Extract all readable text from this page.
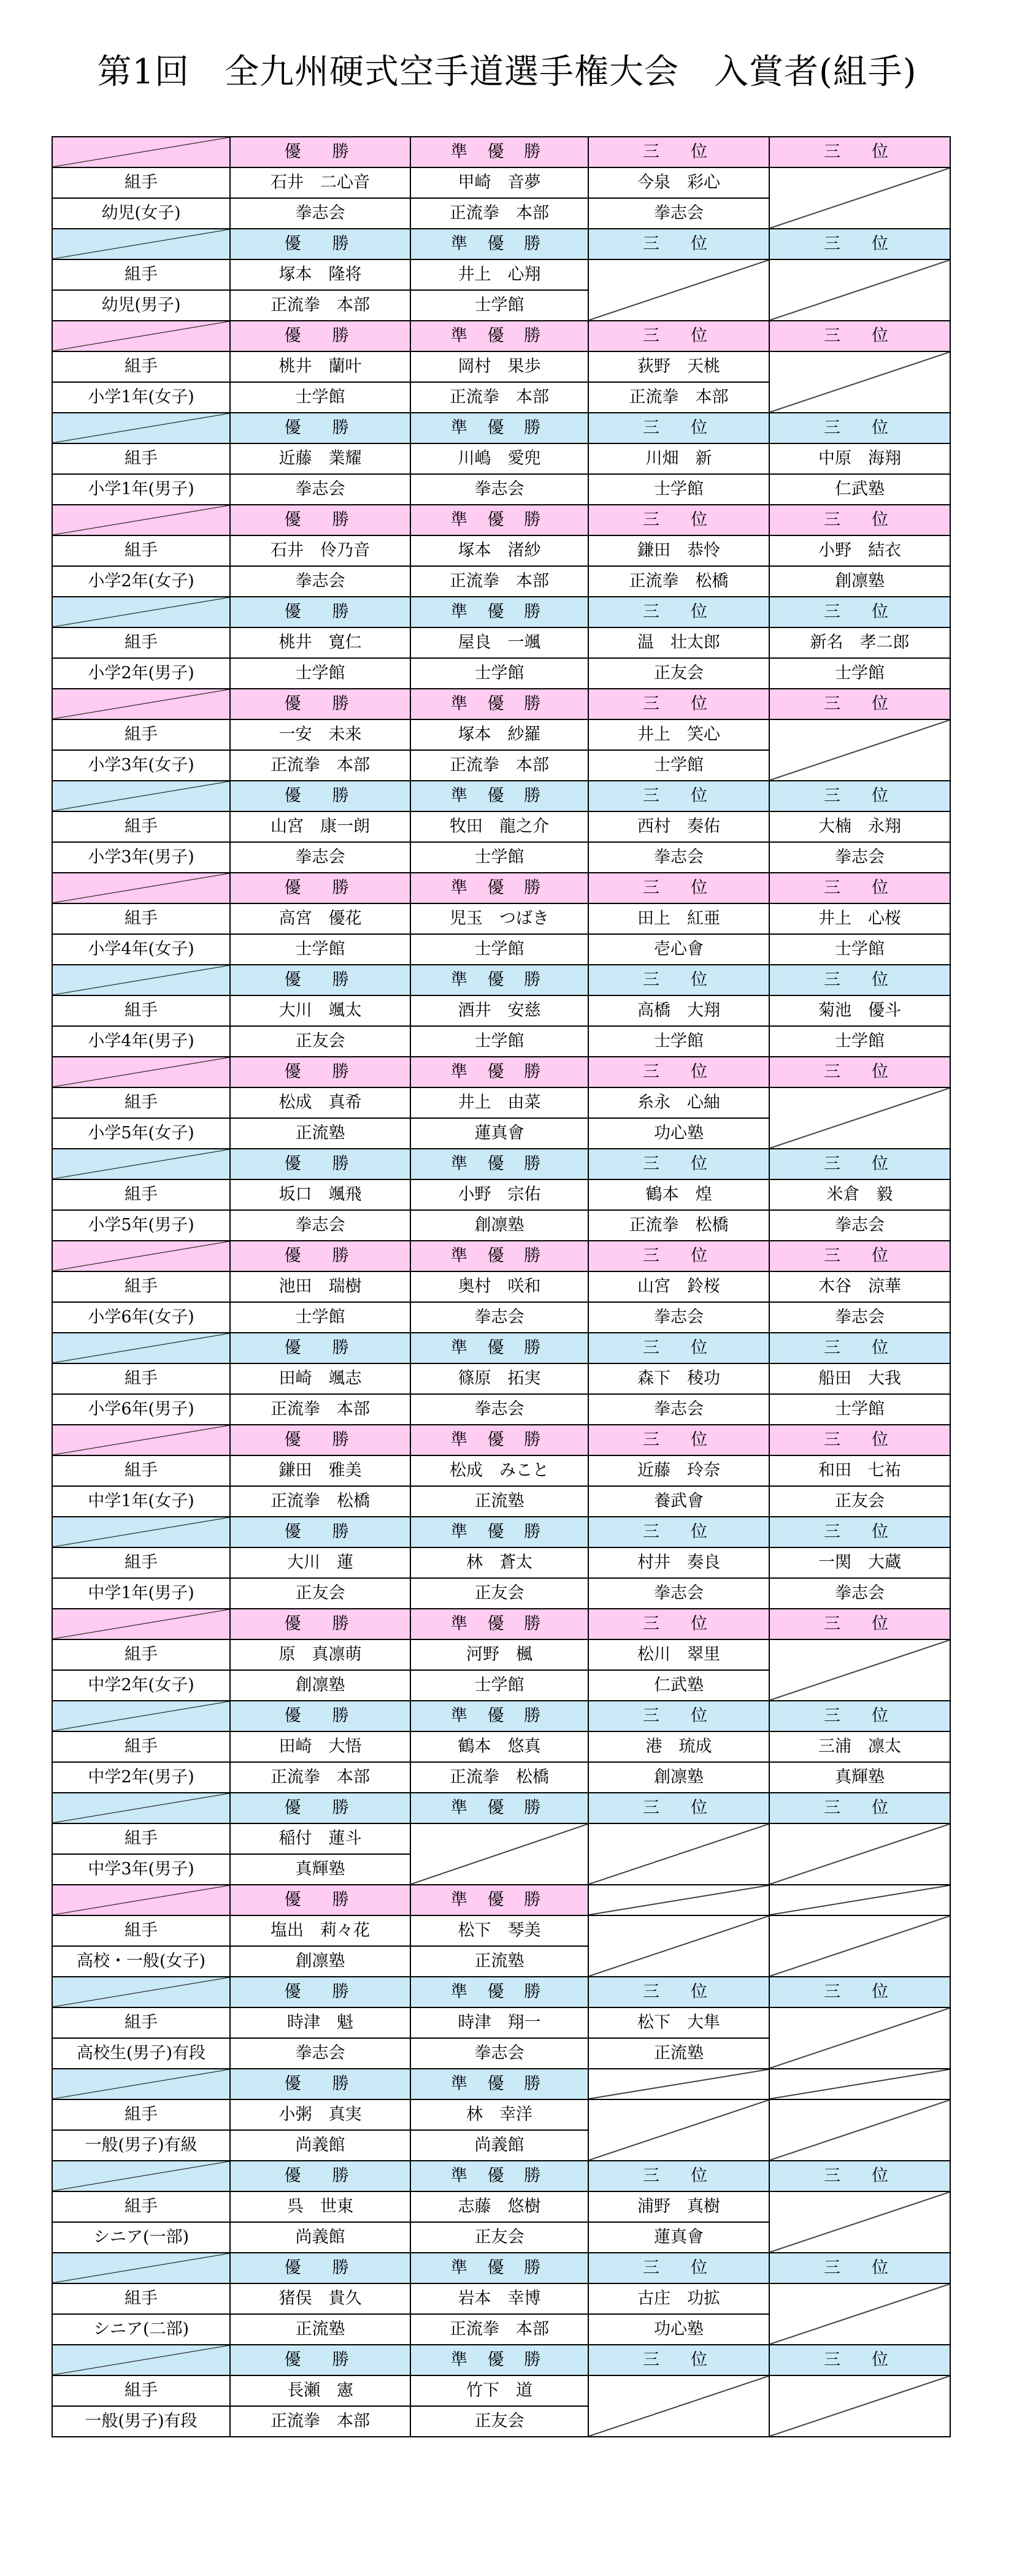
第1回　全九州硬式空手道選手権大会　入賞者(組手)
	優　勝	準 優 勝	三　位	三　位
組手	石井　二心音	甲崎　音夢	今泉　彩心	
幼児(女子)	拳志会	正流拳　本部	拳志会	
	優　勝	準 優 勝	三　位	三　位
組手	塚本　隆将	井上　心翔		
幼児(男子)	正流拳　本部	士学館		
	優　勝	準 優 勝	三　位	三　位
組手	桃井　蘭叶	岡村　果歩	荻野　天桃	
小学1年(女子)	士学館	正流拳　本部	正流拳　本部	
	優　勝	準 優 勝	三　位	三　位
組手	近藤　業耀	川嶋　愛兜	川畑　新	中原　海翔
小学1年(男子)	拳志会	拳志会	士学館	仁武塾
	優　勝	準 優 勝	三　位	三　位
組手	石井　伶乃音	塚本　渚紗	鎌田　恭怜	小野　結衣
小学2年(女子)	拳志会	正流拳　本部	正流拳　松橋	創凛塾
	優　勝	準 優 勝	三　位	三　位
組手	桃井　寛仁	屋良　一颯	温　壮太郎	新名　孝二郎
小学2年(男子)	士学館	士学館	正友会	士学館
	優　勝	準 優 勝	三　位	三　位
組手	一安　未来	塚本　紗羅	井上　笑心	
小学3年(女子)	正流拳　本部	正流拳　本部	士学館	
	優　勝	準 優 勝	三　位	三　位
組手	山宮　康一朗	牧田　龍之介	西村　奏佑	大楠　永翔
小学3年(男子)	拳志会	士学館	拳志会	拳志会
	優　勝	準 優 勝	三　位	三　位
組手	高宮　優花	児玉　つばき	田上　紅亜	井上　心桜
小学4年(女子)	士学館	士学館	壱心會	士学館
	優　勝	準 優 勝	三　位	三　位
組手	大川　颯太	酒井　安慈	高橋　大翔	菊池　優斗
小学4年(男子)	正友会	士学館	士学館	士学館
	優　勝	準 優 勝	三　位	三　位
組手	松成　真希	井上　由菜	糸永　心紬	
小学5年(女子)	正流塾	蓮真會	功心塾	
	優　勝	準 優 勝	三　位	三　位
組手	坂口　颯飛	小野　宗佑	鶴本　煌	米倉　毅
小学5年(男子)	拳志会	創凛塾	正流拳　松橋	拳志会
	優　勝	準 優 勝	三　位	三　位
組手	池田　瑞樹	奥村　咲和	山宮　鈴桜	木谷　涼華
小学6年(女子)	士学館	拳志会	拳志会	拳志会
	優　勝	準 優 勝	三　位	三　位
組手	田崎　颯志	篠原　拓実	森下　稜功	船田　大我
小学6年(男子)	正流拳　本部	拳志会	拳志会	士学館
	優　勝	準 優 勝	三　位	三　位
組手	鎌田　雅美	松成　みこと	近藤　玲奈	和田　七祐
中学1年(女子)	正流拳　松橋	正流塾	養武會	正友会
	優　勝	準 優 勝	三　位	三　位
組手	大川　蓮	林　蒼太	村井　奏良	一関　大蔵
中学1年(男子)	正友会	正友会	拳志会	拳志会
	優　勝	準 優 勝	三　位	三　位
組手	原　真凛萌	河野　楓	松川　翠里	
中学2年(女子)	創凛塾	士学館	仁武塾	
	優　勝	準 優 勝	三　位	三　位
組手	田崎　大悟	鶴本　悠真	港　琉成	三浦　凛太
中学2年(男子)	正流拳　本部	正流拳　松橋	創凛塾	真輝塾
	優　勝	準 優 勝	三　位	三　位
組手	稲付　蓮斗			
中学3年(男子)	真輝塾			
	優　勝	準 優 勝		
組手	塩出　莉々花	松下　琴美		
高校・一般(女子)	創凛塾	正流塾		
	優　勝	準 優 勝	三　位	三　位
組手	時津　魁	時津　翔一	松下　大隼	
高校生(男子)有段	拳志会	拳志会	正流塾	
	優　勝	準 優 勝		
組手	小粥　真実	林　幸洋		
一般(男子)有級	尚義館	尚義館		
	優　勝	準 優 勝	三　位	三　位
組手	呉　世東	志藤　悠樹	浦野　真樹	
シニア(一部)	尚義館	正友会	蓮真會	
	優　勝	準 優 勝	三　位	三　位
組手	猪俣　貴久	岩本　幸博	古庄　功拡	
シニア(二部)	正流塾	正流拳　本部	功心塾	
	優　勝	準 優 勝	三　位	三　位
組手	長瀬　憲	竹下　道		
一般(男子)有段	正流拳　本部	正友会		
